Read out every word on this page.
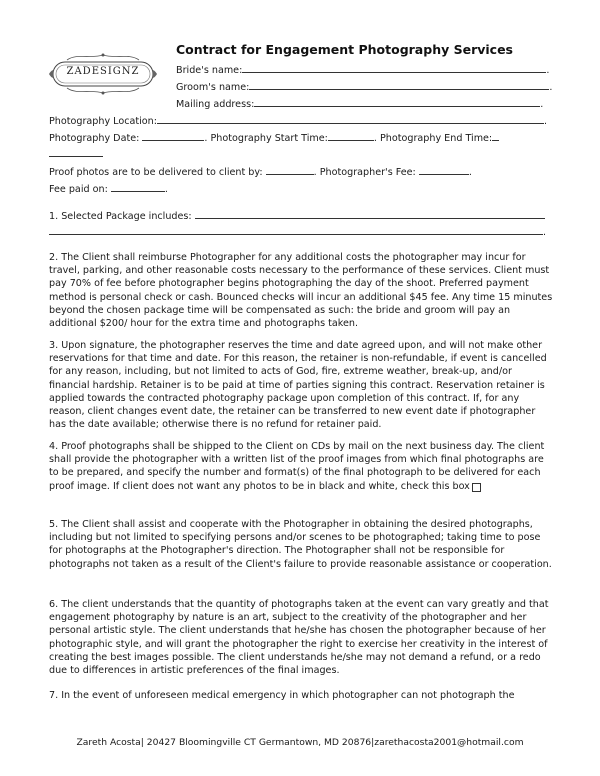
ZADESIGNZ
Contract for Engagement Photography Services
Bride's name:	.
Groom's name:	.
Mailing address:	.
Photography Location:	.
Photography Date:	. Photography Start Time:	. Photography End Time:
Proof photos are to be delivered to client by:	. Photographer's Fee:	.
Fee paid on:	.
1. Selected Package includes:
.

2. The Client shall reimburse Photographer for any additional costs the photographer may incur for travel, parking, and other reasonable costs necessary to the performance of these services. Client must pay 70% of fee before photographer begins photographing the day of the shoot. Preferred payment method is personal check or cash. Bounced checks will incur an additional $45 fee. Any time 15 minutes beyond the chosen package time will be compensated as such: the bride and groom will pay an additional $200/ hour for the extra time and photographs taken.

3. Upon signature, the photographer reserves the time and date agreed upon, and will not make other reservations for that time and date. For this reason, the retainer is non-refundable, if event is cancelled for any reason, including, but not limited to acts of God, fire, extreme weather, break-up, and/or financial hardship. Retainer is to be paid at time of parties signing this contract. Reservation retainer is applied towards the contracted photography package upon completion of this contract. If, for any reason, client changes event date, the retainer can be transferred to new event date if photographer has the date available; otherwise there is no refund for retainer paid.

4. Proof photographs shall be shipped to the Client on CDs by mail on the next business day. The client shall provide the photographer with a written list of the proof images from which final photographs are to be prepared, and specify the number and format(s) of the final photograph to be delivered for each proof image. If client does not want any photos to be in black and white, check this box

5. The Client shall assist and cooperate with the Photographer in obtaining the desired photographs, including but not limited to specifying persons and/or scenes to be photographed; taking time to pose for photographs at the Photographer's direction. The Photographer shall not be responsible for photographs not taken as a result of the Client's failure to provide reasonable assistance or cooperation.

6. The client understands that the quantity of photographs taken at the event can vary greatly and that engagement photography by nature is an art, subject to the creativity of the photographer and her personal artistic style. The client understands that he/she has chosen the photographer because of her photographic style, and will grant the photographer the right to exercise her creativity in the interest of creating the best images possible. The client understands he/she may not demand a refund, or a redo due to differences in artistic preferences of the final images.

7. In the event of unforeseen medical emergency in which photographer can not photograph the

Zareth Acosta| 20427 Bloomingville CT Germantown, MD 20876|zarethacosta2001@hotmail.com
